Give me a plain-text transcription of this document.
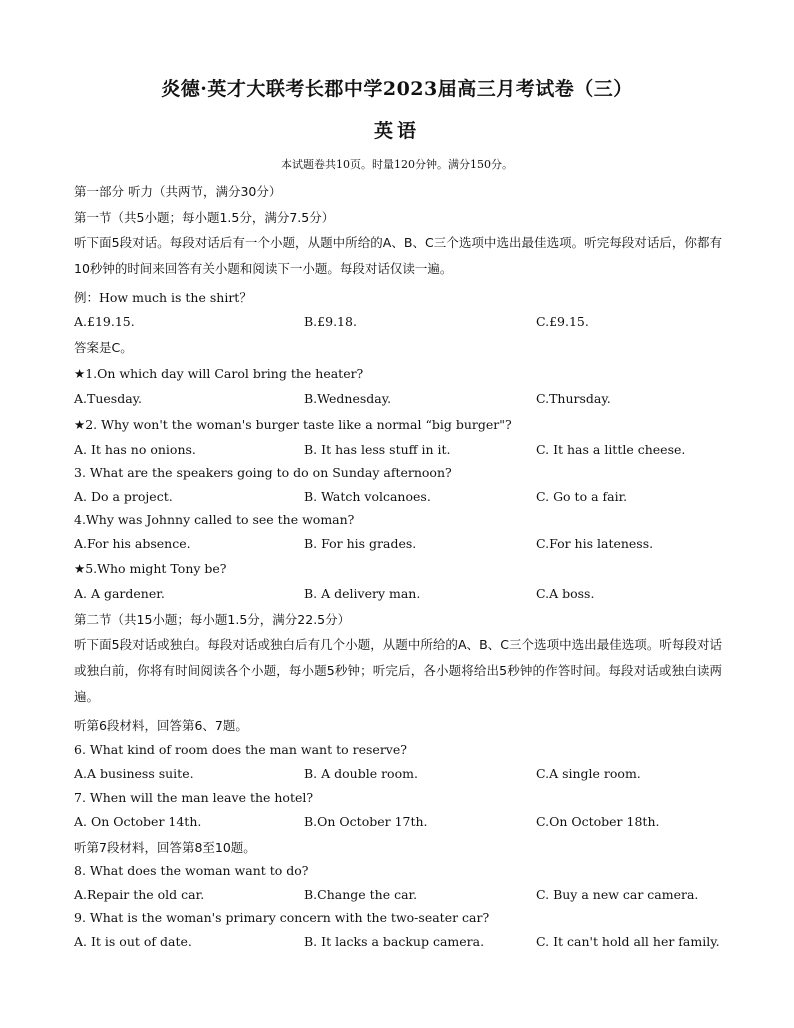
炎德·英才大联考长郡中学2023届高三月考试卷（三）
英语
本试题卷共10页。时量120分钟。满分150分。
第一部分 听力（共两节，满分30分）
第一节（共5小题；每小题1.5分，满分7.5分）
听下面5段对话。每段对话后有一个小题，从题中所给的A、B、C三个选项中选出最佳选项。听完每段对话后，你都有10秒钟的时间来回答有关小题和阅读下一小题。每段对话仅读一遍。
例：How much is the shirt？
A.£19.15.	B.£9.18.	C.£9.15.
答案是C。
★1.On which day will Carol bring the heater?
A.Tuesday.	B.Wednesday.	C.Thursday.
★2. Why won't the woman's burger taste like a normal “big burger"?
A. It has no onions.	B. It has less stuff in it.	C. It has a little cheese.
3. What are the speakers going to do on Sunday afternoon?
A. Do a project.	B. Watch volcanoes.	C. Go to a fair.
4.Why was Johnny called to see the woman?
A.For his absence.	B. For his grades.	C.For his lateness.
★5.Who might Tony be?
A. A gardener.	B. A delivery man.	C.A boss.
第二节（共15小题；每小题1.5分，满分22.5分）
听下面5段对话或独白。每段对话或独白后有几个小题，从题中所给的A、B、C三个选项中选出最佳选项。听每段对话或独白前，你将有时间阅读各个小题，每小题5秒钟；听完后，各小题将给出5秒钟的作答时间。每段对话或独白读两遍。
听第6段材料，回答第6、7题。
6. What kind of room does the man want to reserve?
A.A business suite.	B. A double room.	C.A single room.
7. When will the man leave the hotel?
A. On October 14th.	B.On October 17th.	C.On October 18th.
听第7段材料，回答第8至10题。
8. What does the woman want to do?
A.Repair the old car.	B.Change the car.	C. Buy a new car camera.
9. What is the woman's primary concern with the two-seater car?
A. It is out of date.	B. It lacks a backup camera.	C. It can't hold all her family.
